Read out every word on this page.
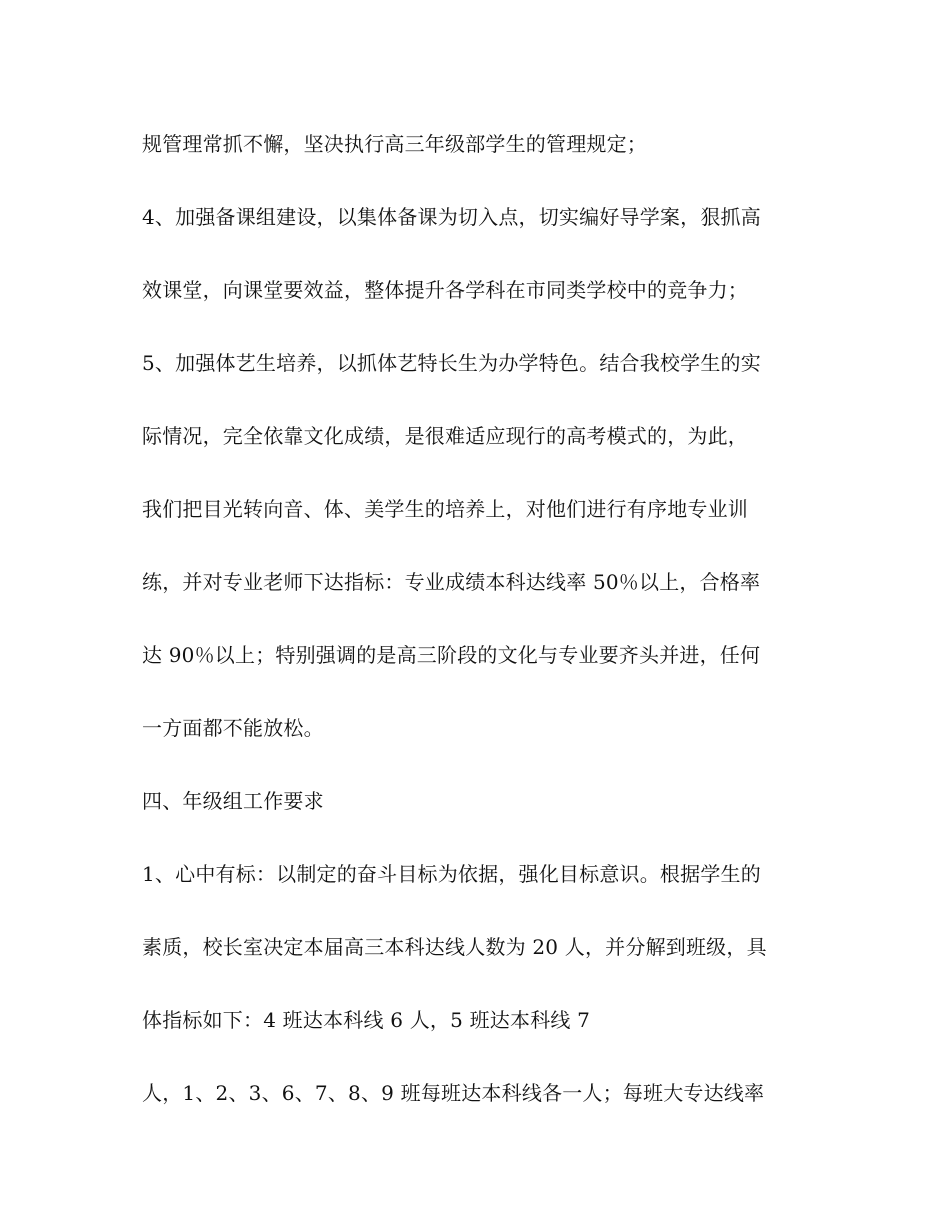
规管理常抓不懈，坚决执行高三年级部学生的管理规定；
4、加强备课组建设，以集体备课为切入点，切实编好导学案，狠抓高
效课堂，向课堂要效益，整体提升各学科在市同类学校中的竞争力；
5、加强体艺生培养，以抓体艺特长生为办学特色。结合我校学生的实
际情况，完全依靠文化成绩，是很难适应现行的高考模式的，为此，
我们把目光转向音、体、美学生的培养上，对他们进行有序地专业训
练，并对专业老师下达指标：专业成绩本科达线率 50％以上，合格率
达 90％以上；特别强调的是高三阶段的文化与专业要齐头并进，任何
一方面都不能放松。
四、年级组工作要求
1、心中有标：以制定的奋斗目标为依据，强化目标意识。根据学生的
素质，校长室决定本届高三本科达线人数为 20 人，并分解到班级，具
体指标如下：4 班达本科线 6 人，5 班达本科线 7
人，1、2、3、6、7、8、9 班每班达本科线各一人；每班大专达线率
